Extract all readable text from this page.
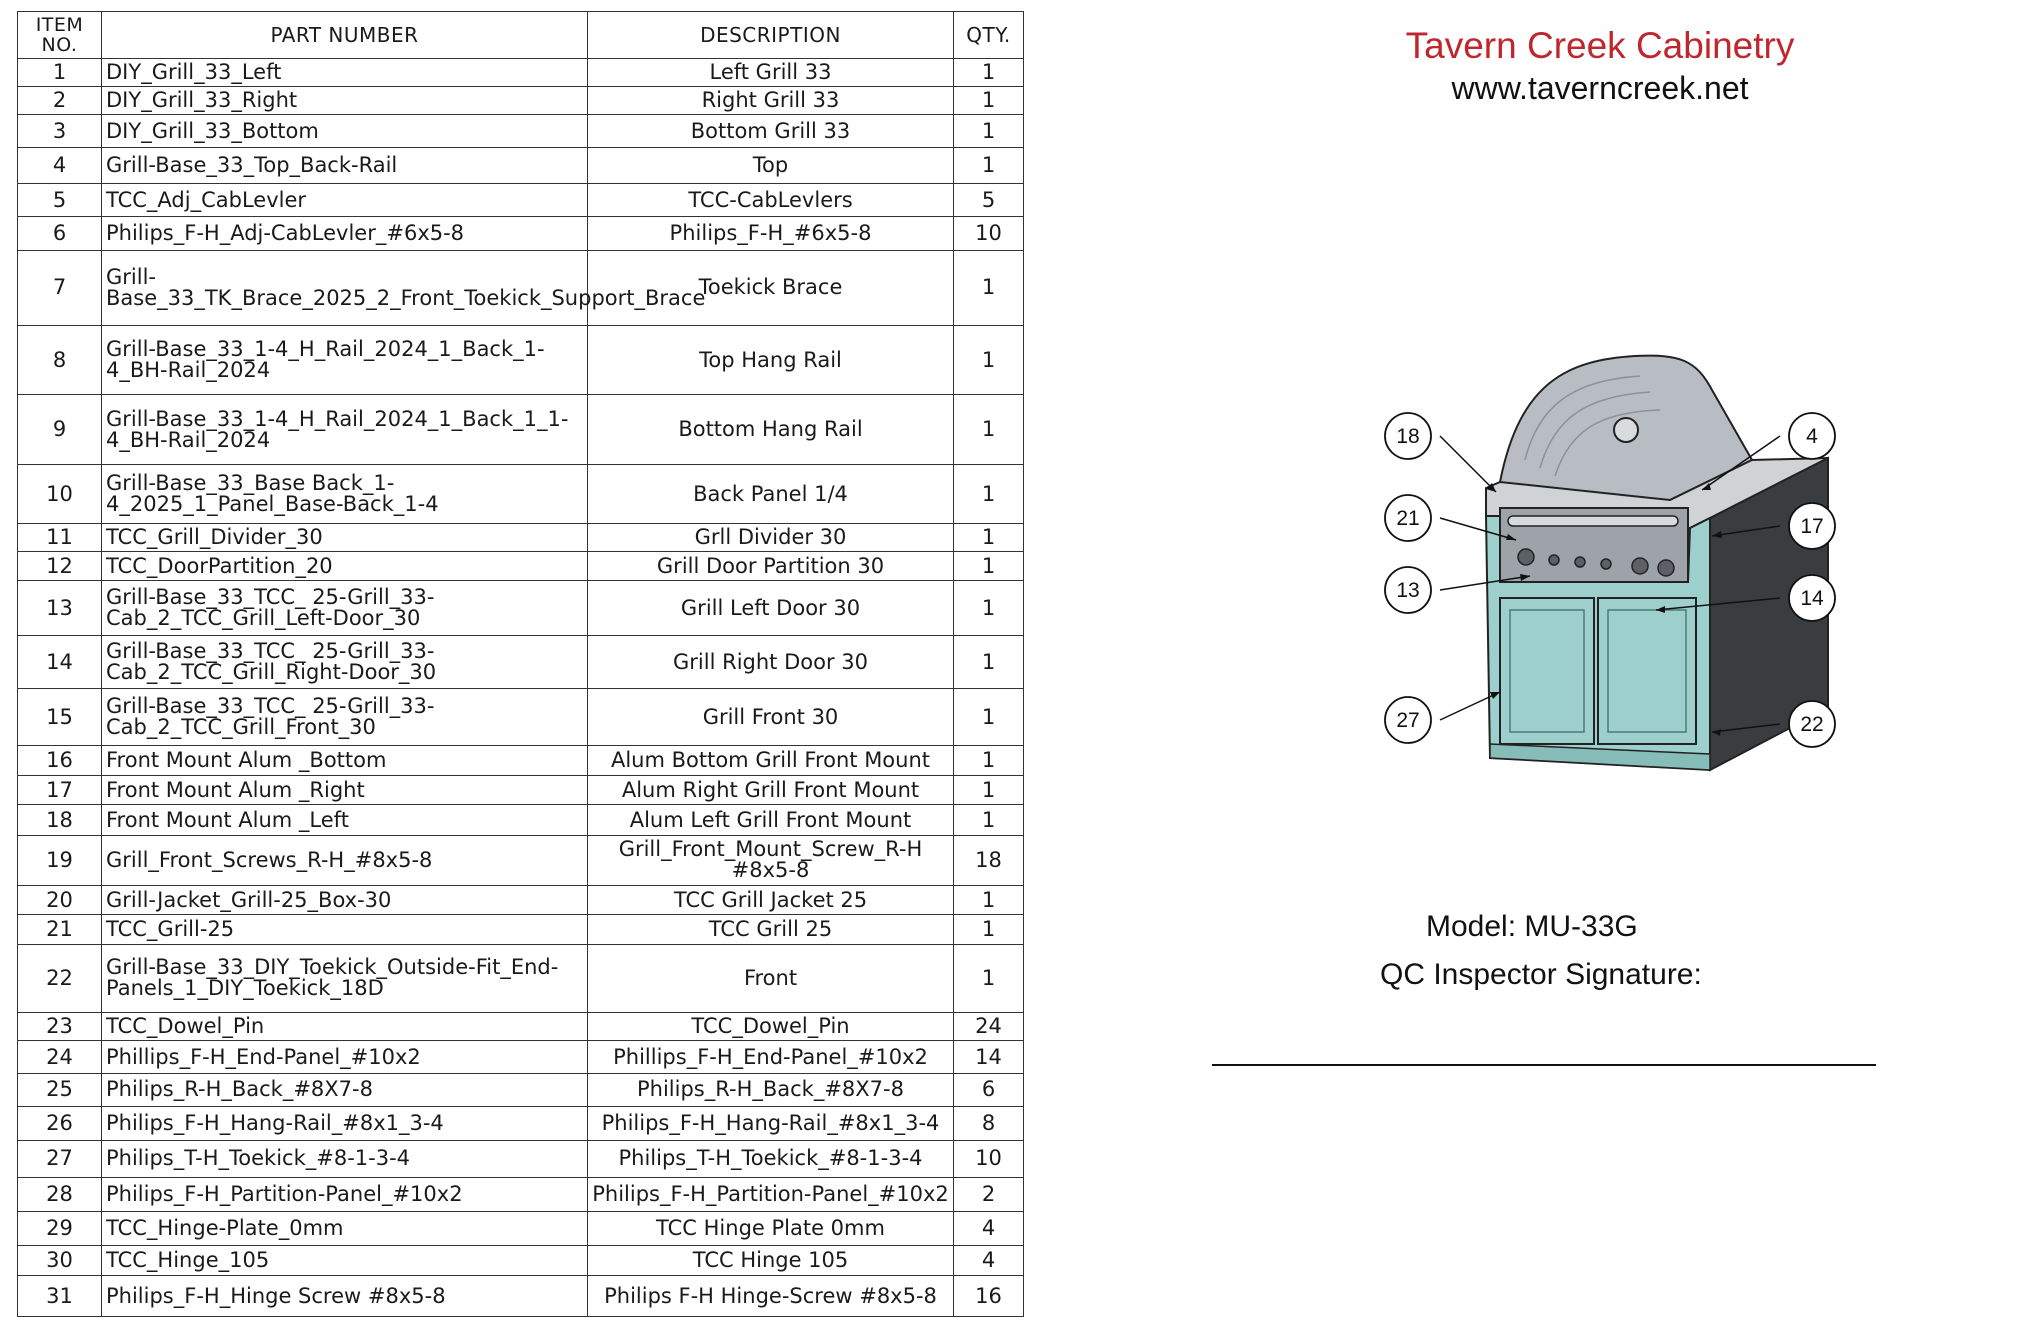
ITEM NO.	PART NUMBER	DESCRIPTION	QTY.
1	DIY_Grill_33_Left	Left Grill 33	1
2	DIY_Grill_33_Right	Right Grill 33	1
3	DIY_Grill_33_Bottom	Bottom Grill 33	1
4	Grill-Base_33_Top_Back-Rail	Top	1
5	TCC_Adj_CabLevler	TCC-CabLevlers	5
6	Philips_F-H_Adj-CabLevler_#6x5-8	Philips_F-H_#6x5-8	10
7	Grill-Base_33_TK_Brace_2025_2_Front_Toekick_Support_Brace	Toekick Brace	1
8	Grill-Base_33_1-4_H_Rail_2024_1_Back_1-4_BH-Rail_2024	Top Hang Rail	1
9	Grill-Base_33_1-4_H_Rail_2024_1_Back_1_1-4_BH-Rail_2024	Bottom Hang Rail	1
10	Grill-Base_33_Base Back_1-4_2025_1_Panel_Base-Back_1-4	Back Panel 1/4	1
11	TCC_Grill_Divider_30	Grll Divider 30	1
12	TCC_DoorPartition_20	Grill Door Partition 30	1
13	Grill-Base_33_TCC_ 25-Grill_33-Cab_2_TCC_Grill_Left-Door_30	Grill Left Door 30	1
14	Grill-Base_33_TCC_ 25-Grill_33-Cab_2_TCC_Grill_Right-Door_30	Grill Right Door 30	1
15	Grill-Base_33_TCC_ 25-Grill_33-Cab_2_TCC_Grill_Front_30	Grill Front 30	1
16	Front Mount Alum _Bottom	Alum Bottom Grill Front Mount	1
17	Front Mount Alum _Right	Alum Right Grill Front Mount	1
18	Front Mount Alum _Left	Alum Left Grill Front Mount	1
19	Grill_Front_Screws_R-H_#8x5-8	Grill_Front_Mount_Screw_R-H #8x5-8	18
20	Grill-Jacket_Grill-25_Box-30	TCC Grill Jacket 25	1
21	TCC_Grill-25	TCC Grill 25	1
22	Grill-Base_33_DIY_Toekick_Outside-Fit_End-Panels_1_DIY_Toekick_18D	Front	1
23	TCC_Dowel_Pin	TCC_Dowel_Pin	24
24	Phillips_F-H_End-Panel_#10x2	Phillips_F-H_End-Panel_#10x2	14
25	Philips_R-H_Back_#8X7-8	Philips_R-H_Back_#8X7-8	6
26	Philips_F-H_Hang-Rail_#8x1_3-4	Philips_F-H_Hang-Rail_#8x1_3-4	8
27	Philips_T-H_Toekick_#8-1-3-4	Philips_T-H_Toekick_#8-1-3-4	10
28	Philips_F-H_Partition-Panel_#10x2	Philips_F-H_Partition-Panel_#10x2	2
29	TCC_Hinge-Plate_0mm	TCC Hinge Plate 0mm	4
30	TCC_Hinge_105	TCC Hinge 105	4
31	Philips_F-H_Hinge Screw #8x5-8	Philips F-H Hinge-Screw #8x5-8	16
Tavern Creek Cabinetry
www.taverncreek.net
18
21
13
27
4
17
14
22
Model: MU-33G
QC Inspector Signature:
